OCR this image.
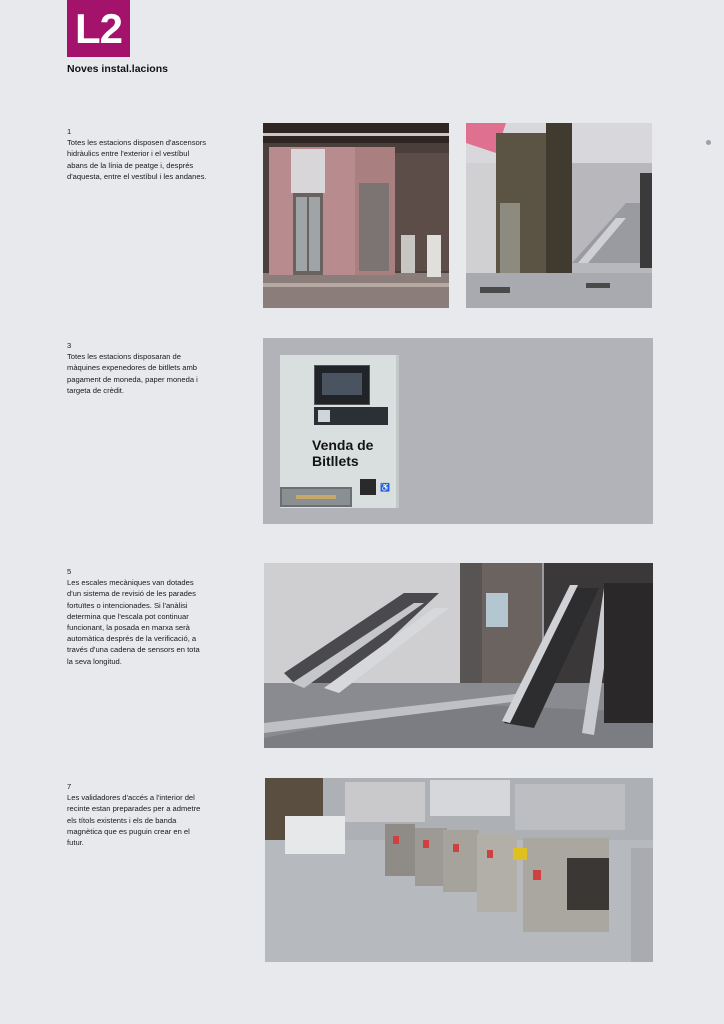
L2
Noves instal.lacions
1
Totes les estacions disposen d'ascensors hidràulics entre l'exterior i el vestíbul abans de la línia de peatge i, després d'aquesta, entre el vestíbul i les andanes.
3
Totes les estacions disposaran de màquines expenedores de bitllets amb pagament de moneda, paper moneda i targeta de crèdit.
Venda de Bitllets
♿
5
Les escales mecàniques van dotades d'un sistema de revisió de les parades fortuïtes o intencionades. Si l'anàlisi determina que l'escala pot continuar funcionant, la posada en marxa serà automàtica després de la verificació, a través d'una cadena de sensors en tota la seva longitud.
7
Les validadores d'accés a l'interior del recinte estan preparades per a admetre els títols existents i els de banda magnètica que es puguin crear en el futur.
